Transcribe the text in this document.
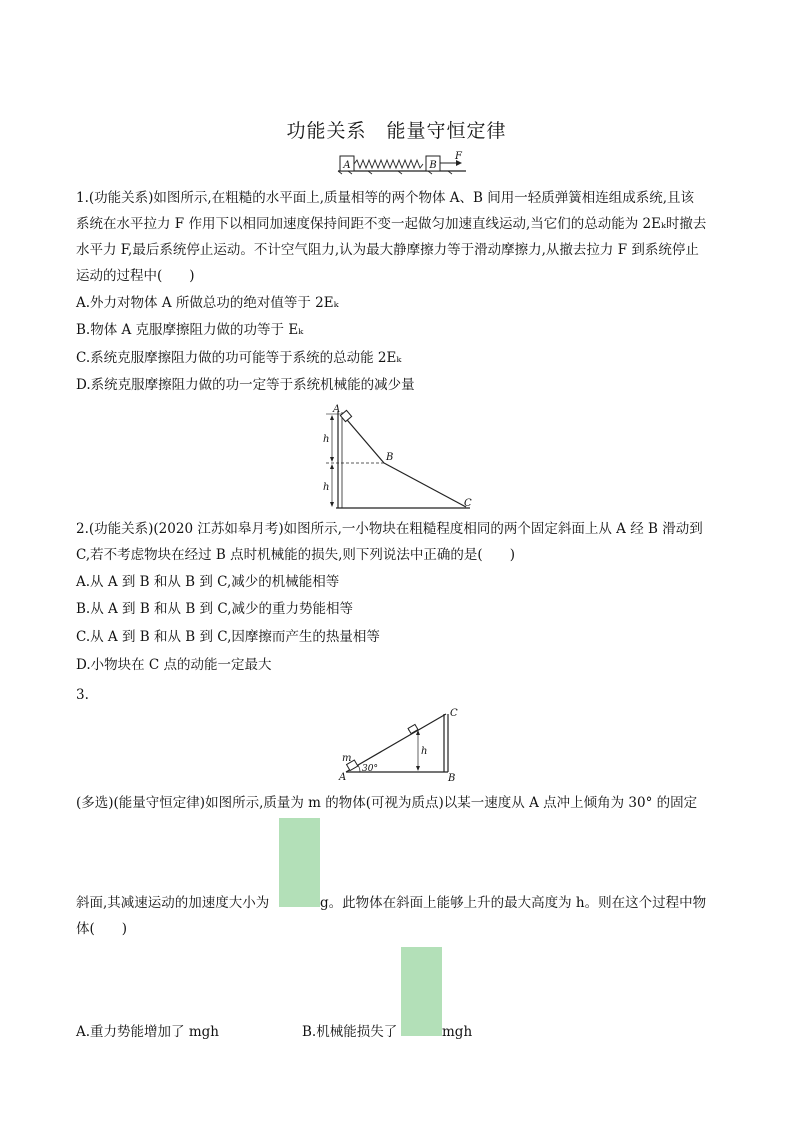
功能关系　能量守恒定律
A	B
F
1.(功能关系)如图所示,在粗糙的水平面上,质量相等的两个物体 A、B 间用一轻质弹簧相连组成系统,且该
系统在水平拉力 F 作用下以相同加速度保持间距不变一起做匀加速直线运动,当它们的总动能为 2Eₖ时撤去
水平力 F,最后系统停止运动。不计空气阻力,认为最大静摩擦力等于滑动摩擦力,从撤去拉力 F 到系统停止
运动的过程中(　　)
A.外力对物体 A 所做总功的绝对值等于 2Eₖ
B.物体 A 克服摩擦阻力做的功等于 Eₖ
C.系统克服摩擦阻力做的功可能等于系统的总动能 2Eₖ
D.系统克服摩擦阻力做的功一定等于系统机械能的减少量
A
B
C
h
h
2.(功能关系)(2020 江苏如皋月考)如图所示,一小物块在粗糙程度相同的两个固定斜面上从 A 经 B 滑动到
C,若不考虑物块在经过 B 点时机械能的损失,则下列说法中正确的是(　　)
A.从 A 到 B 和从 B 到 C,减少的机械能相等
B.从 A 到 B 和从 B 到 C,减少的重力势能相等
C.从 A 到 B 和从 B 到 C,因摩擦而产生的热量相等
D.小物块在 C 点的动能一定最大
3.
m
A	B
C
30°
h
(多选)(能量守恒定律)如图所示,质量为 m 的物体(可视为质点)以某一速度从 A 点冲上倾角为 30° 的固定
斜面,其减速运动的加速度大小为	g。此物体在斜面上能够上升的最大高度为 h。则在这个过程中物
体(　　)
A.重力势能增加了 mgh	B.机械能损失了	mgh
